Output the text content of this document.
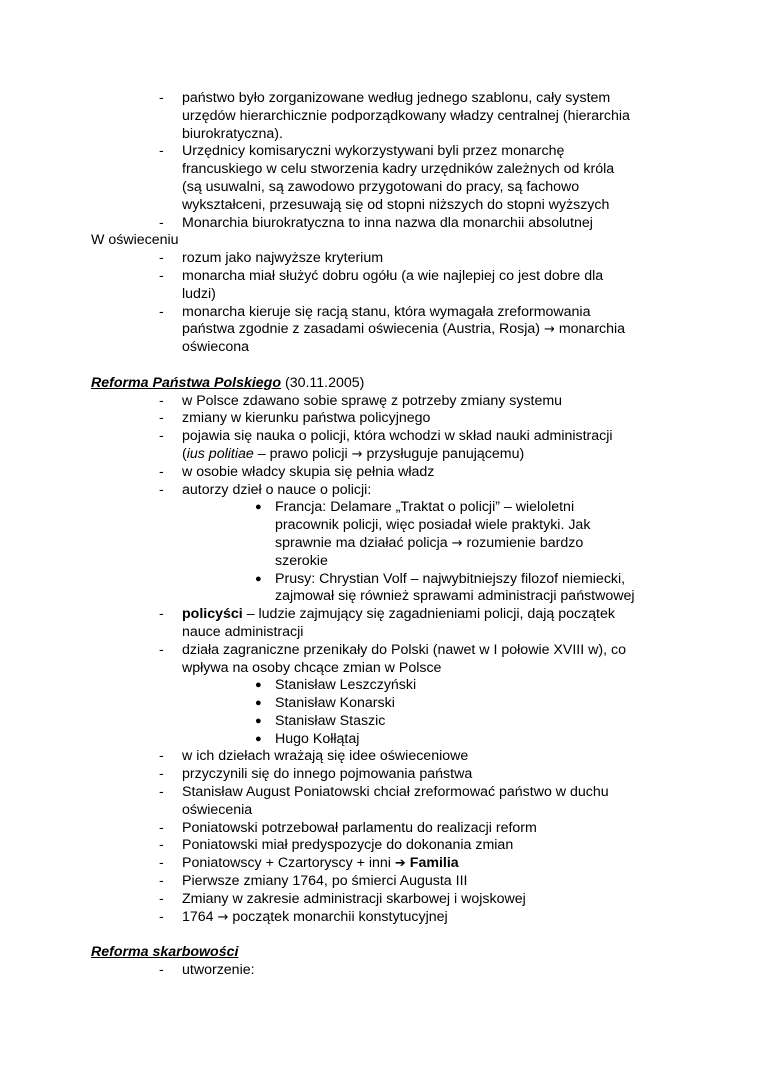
- państwo było zorganizowane według jednego szablonu, cały system
urzędów hierarchicznie podporządkowany władzy centralnej (hierarchia
biurokratyczna).
- Urzędnicy komisaryczni wykorzystywani byli przez monarchę
francuskiego w celu stworzenia kadry urzędników zależnych od króla
(są usuwalni, są zawodowo przygotowani do pracy, są fachowo
wykształceni, przesuwają się od stopni niższych do stopni wyższych
- Monarchia biurokratyczna to inna nazwa dla monarchii absolutnej
W oświeceniu
- rozum jako najwyższe kryterium
- monarcha miał służyć dobru ogółu (a wie najlepiej co jest dobre dla
ludzi)
- monarcha kieruje się racją stanu, która wymagała zreformowania
państwa zgodnie z zasadami oświecenia (Austria, Rosja) → monarchia
oświecona
Reforma Państwa Polskiego (30.11.2005)
- w Polsce zdawano sobie sprawę z potrzeby zmiany systemu
- zmiany w kierunku państwa policyjnego
- pojawia się nauka o policji, która wchodzi w skład nauki administracji
(ius politiae – prawo policji → przysługuje panującemu)
- w osobie władcy skupia się pełnia władz
- autorzy dzieł o nauce o policji:
● Francja: Delamare „Traktat o policji” – wieloletni
pracownik policji, więc posiadał wiele praktyki. Jak
sprawnie ma działać policja → rozumienie bardzo
szerokie
● Prusy: Chrystian Volf – najwybitniejszy filozof niemiecki,
zajmował się również sprawami administracji państwowej
- policyści – ludzie zajmujący się zagadnieniami policji, dają początek
nauce administracji
- działa zagraniczne przenikały do Polski (nawet w I połowie XVIII w), co
wpływa na osoby chcące zmian w Polsce
● Stanisław Leszczyński
● Stanisław Konarski
● Stanisław Staszic
● Hugo Kołłątaj
- w ich dziełach wrażają się idee oświeceniowe
- przyczynili się do innego pojmowania państwa
- Stanisław August Poniatowski chciał zreformować państwo w duchu
oświecenia
- Poniatowski potrzebował parlamentu do realizacji reform
- Poniatowski miał predyspozycje do dokonania zmian
- Poniatowscy + Czartoryscy + inni ➔ Familia
- Pierwsze zmiany 1764, po śmierci Augusta III
- Zmiany w zakresie administracji skarbowej i wojskowej
- 1764 → początek monarchii konstytucyjnej
Reforma skarbowości
- utworzenie:
